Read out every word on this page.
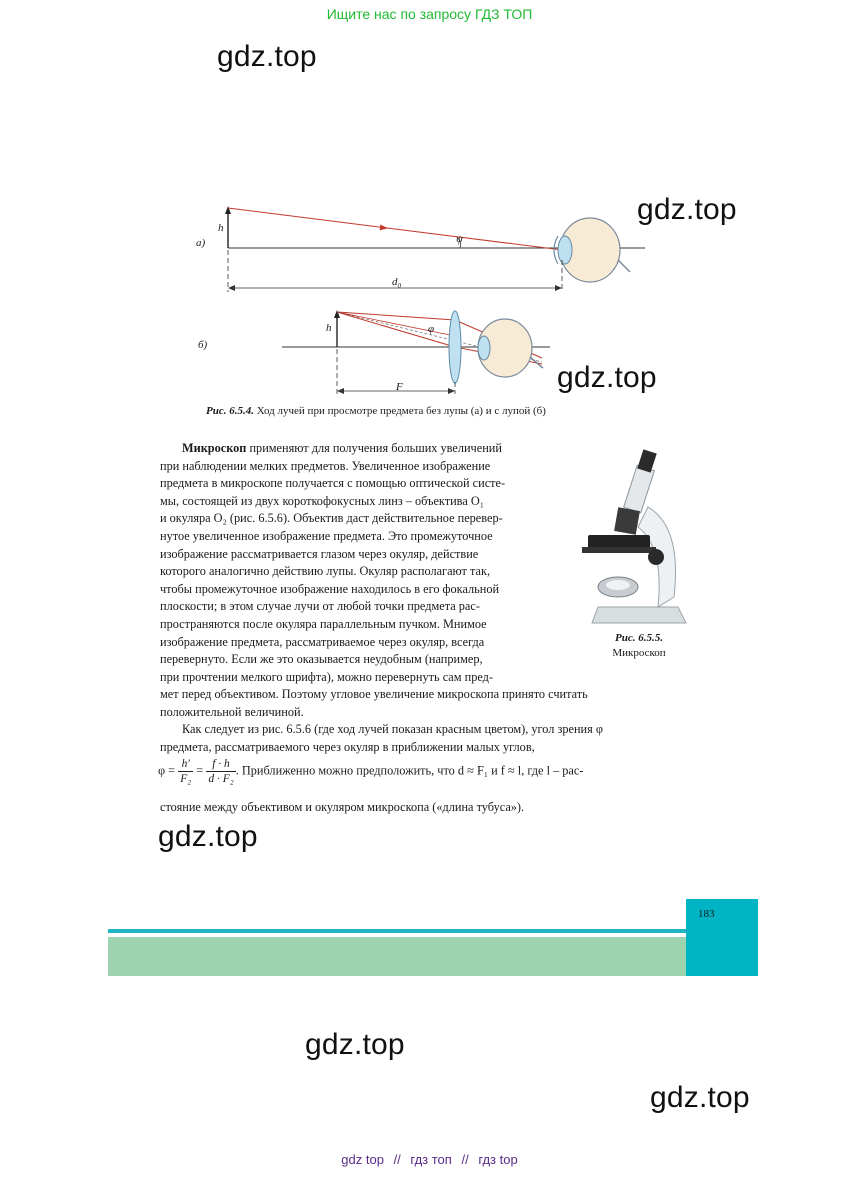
Ищите нас по запросу ГДЗ ТОП
gdz.top
gdz.top
gdz.top
gdz.top
gdz.top
gdz.top
а)
h
ψ
$d_0$
б)
h	φ
F
Рис. 6.5.4. Ход лучей при просмотре предмета без лупы (а) и с лупой (б)
Рис. 6.5.5.
Микроскоп
Микроскоп применяют для получения больших увеличений
при наблюдении мелких предметов. Увеличенное изображение
предмета в микроскопе получается с помощью оптической систе-
мы, состоящей из двух короткофокусных линз – объектива O₁
и окуляра O₂ (рис. 6.5.6). Объектив даст действительное перевер-
нутое увеличенное изображение предмета. Это промежуточное
изображение рассматривается глазом через окуляр, действие
которого аналогично действию лупы. Окуляр располагают так,
чтобы промежуточное изображение находилось в его фокальной
плоскости; в этом случае лучи от любой точки предмета рас-
пространяются после окуляра параллельным пучком. Мнимое
изображение предмета, рассматриваемое через окуляр, всегда
перевернуто. Если же это оказывается неудобным (например,
при прочтении мелкого шрифта), можно перевернуть сам пред-
мет перед объективом. Поэтому угловое увеличение микроскопа принято считать
положительной величиной.
Как следует из рис. 6.5.6 (где ход лучей показан красным цветом), угол зрения φ
предмета, рассматриваемого через окуляр в приближении малых углов,
$\varphi = \frac{h'}{\text{F₂}} = \frac{f \cdot h}{\text{d · F₂}}$ . Приближенно можно предположить, что d ≈ F₁ и f ≈ l, где l – рас-
стояние между объективом и окуляром микроскопа («длина тубуса»).
183
gdz top // гдз топ // гдз top
